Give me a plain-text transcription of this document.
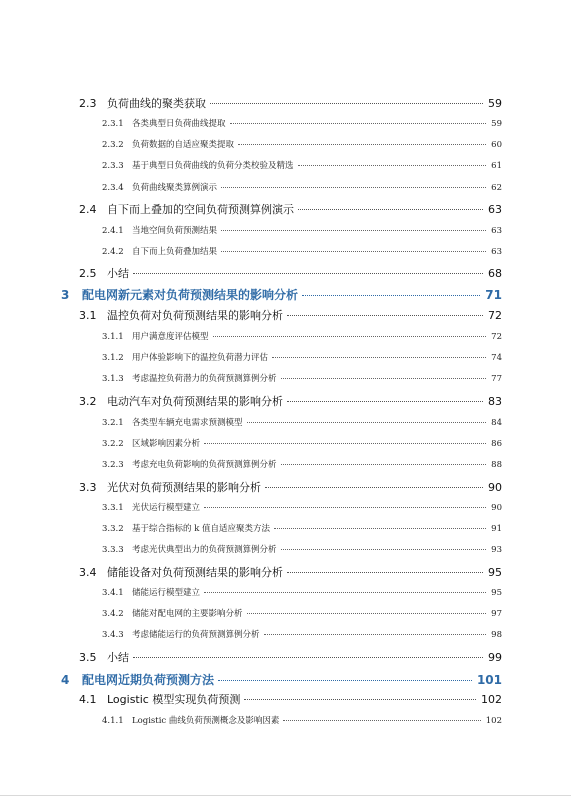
2.3 负荷曲线的聚类获取	59
2.3.1 各类典型日负荷曲线提取	59
2.3.2 负荷数据的自适应聚类提取	60
2.3.3 基于典型日负荷曲线的负荷分类校验及精选	61
2.3.4 负荷曲线聚类算例演示	62
2.4 自下而上叠加的空间负荷预测算例演示	63
2.4.1 当地空间负荷预测结果	63
2.4.2 自下而上负荷叠加结果	63
2.5 小结	68
3	配电网新元素对负荷预测结果的影响分析	71
3.1 温控负荷对负荷预测结果的影响分析	72
3.1.1 用户满意度评估模型	72
3.1.2 用户体验影响下的温控负荷潜力评估	74
3.1.3 考虑温控负荷潜力的负荷预测算例分析	77
3.2 电动汽车对负荷预测结果的影响分析	83
3.2.1 各类型车辆充电需求预测模型	84
3.2.2 区域影响因素分析	86
3.2.3 考虑充电负荷影响的负荷预测算例分析	88
3.3 光伏对负荷预测结果的影响分析	90
3.3.1 光伏运行模型建立	90
3.3.2 基于综合指标的 k 值自适应聚类方法	91
3.3.3 考虑光伏典型出力的负荷预测算例分析	93
3.4 储能设备对负荷预测结果的影响分析	95
3.4.1 储能运行模型建立	95
3.4.2 储能对配电网的主要影响分析	97
3.4.3 考虑储能运行的负荷预测算例分析	98
3.5 小结	99
4	配电网近期负荷预测方法	101
4.1 Logistic 模型实现负荷预测	102
4.1.1 Logistic 曲线负荷预测概念及影响因素	102
